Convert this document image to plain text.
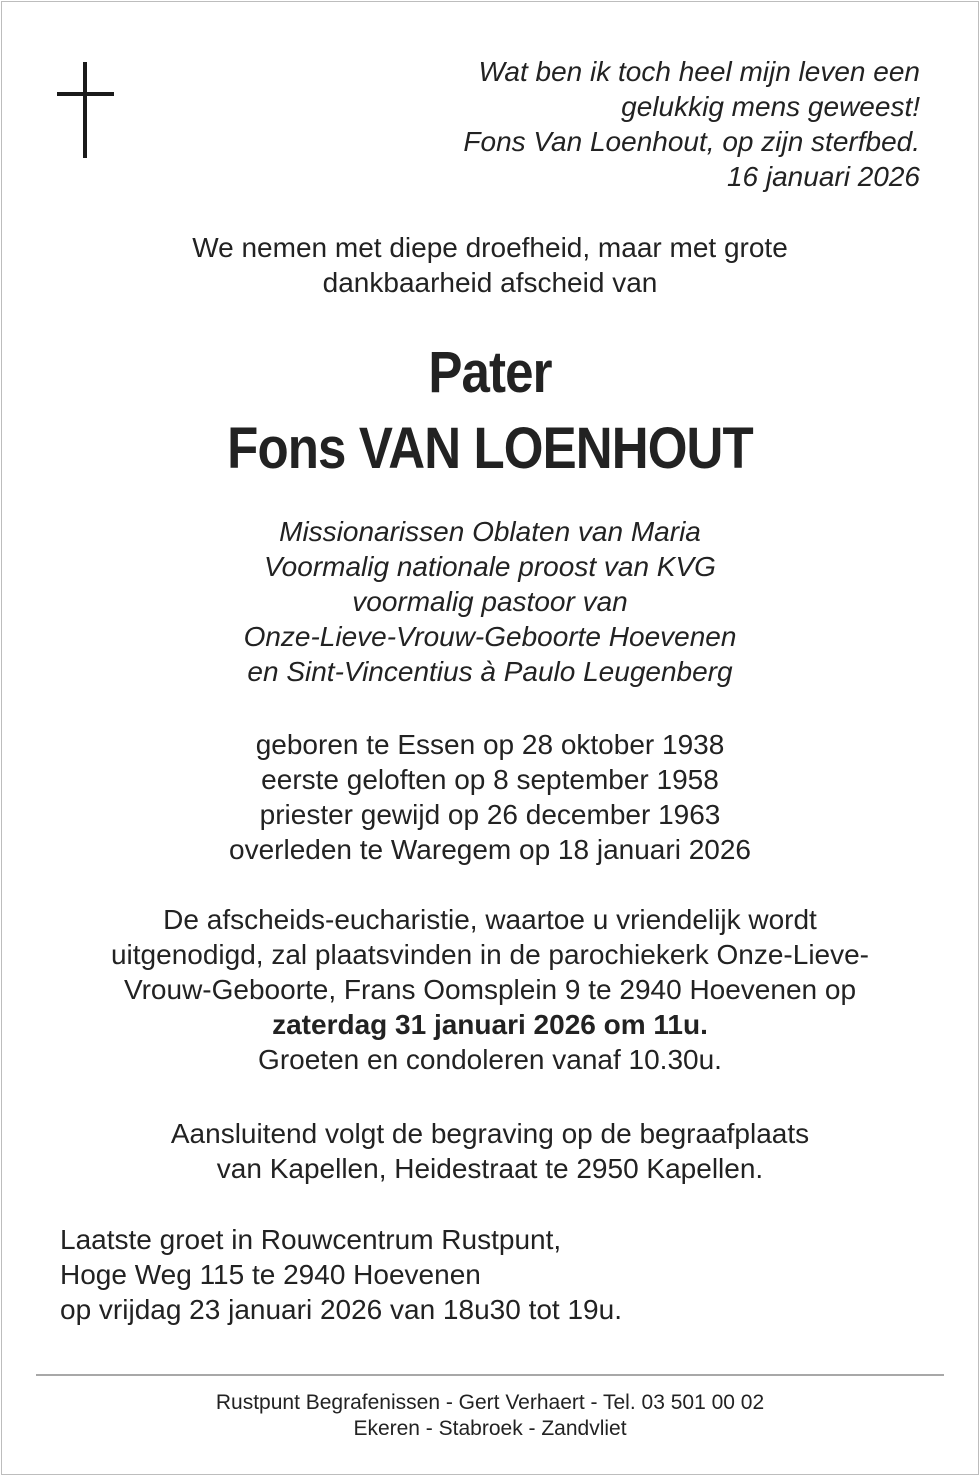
Wat ben ik toch heel mijn leven een
gelukkig mens geweest!
Fons Van Loenhout, op zijn sterfbed.
16 januari 2026
We nemen met diepe droefheid, maar met grote
dankbaarheid afscheid van
Pater
Fons VAN LOENHOUT
Missionarissen Oblaten van Maria
Voormalig nationale proost van KVG
voormalig pastoor van
Onze-Lieve-Vrouw-Geboorte Hoevenen
en Sint-Vincentius à Paulo Leugenberg
geboren te Essen op 28 oktober 1938
eerste geloften op 8 september 1958
priester gewijd op 26 december 1963
overleden te Waregem op 18 januari 2026
De afscheids-eucharistie, waartoe u vriendelijk wordt
uitgenodigd, zal plaatsvinden in de parochiekerk Onze-Lieve-
Vrouw-Geboorte, Frans Oomsplein 9 te 2940 Hoevenen op
zaterdag 31 januari 2026 om 11u.
Groeten en condoleren vanaf 10.30u.
Aansluitend volgt de begraving op de begraafplaats
van Kapellen, Heidestraat te 2950 Kapellen.
Laatste groet in Rouwcentrum Rustpunt,
Hoge Weg 115 te 2940 Hoevenen
op vrijdag 23 januari 2026 van 18u30 tot 19u.
Rustpunt Begrafenissen - Gert Verhaert - Tel. 03 501 00 02
Ekeren - Stabroek - Zandvliet
